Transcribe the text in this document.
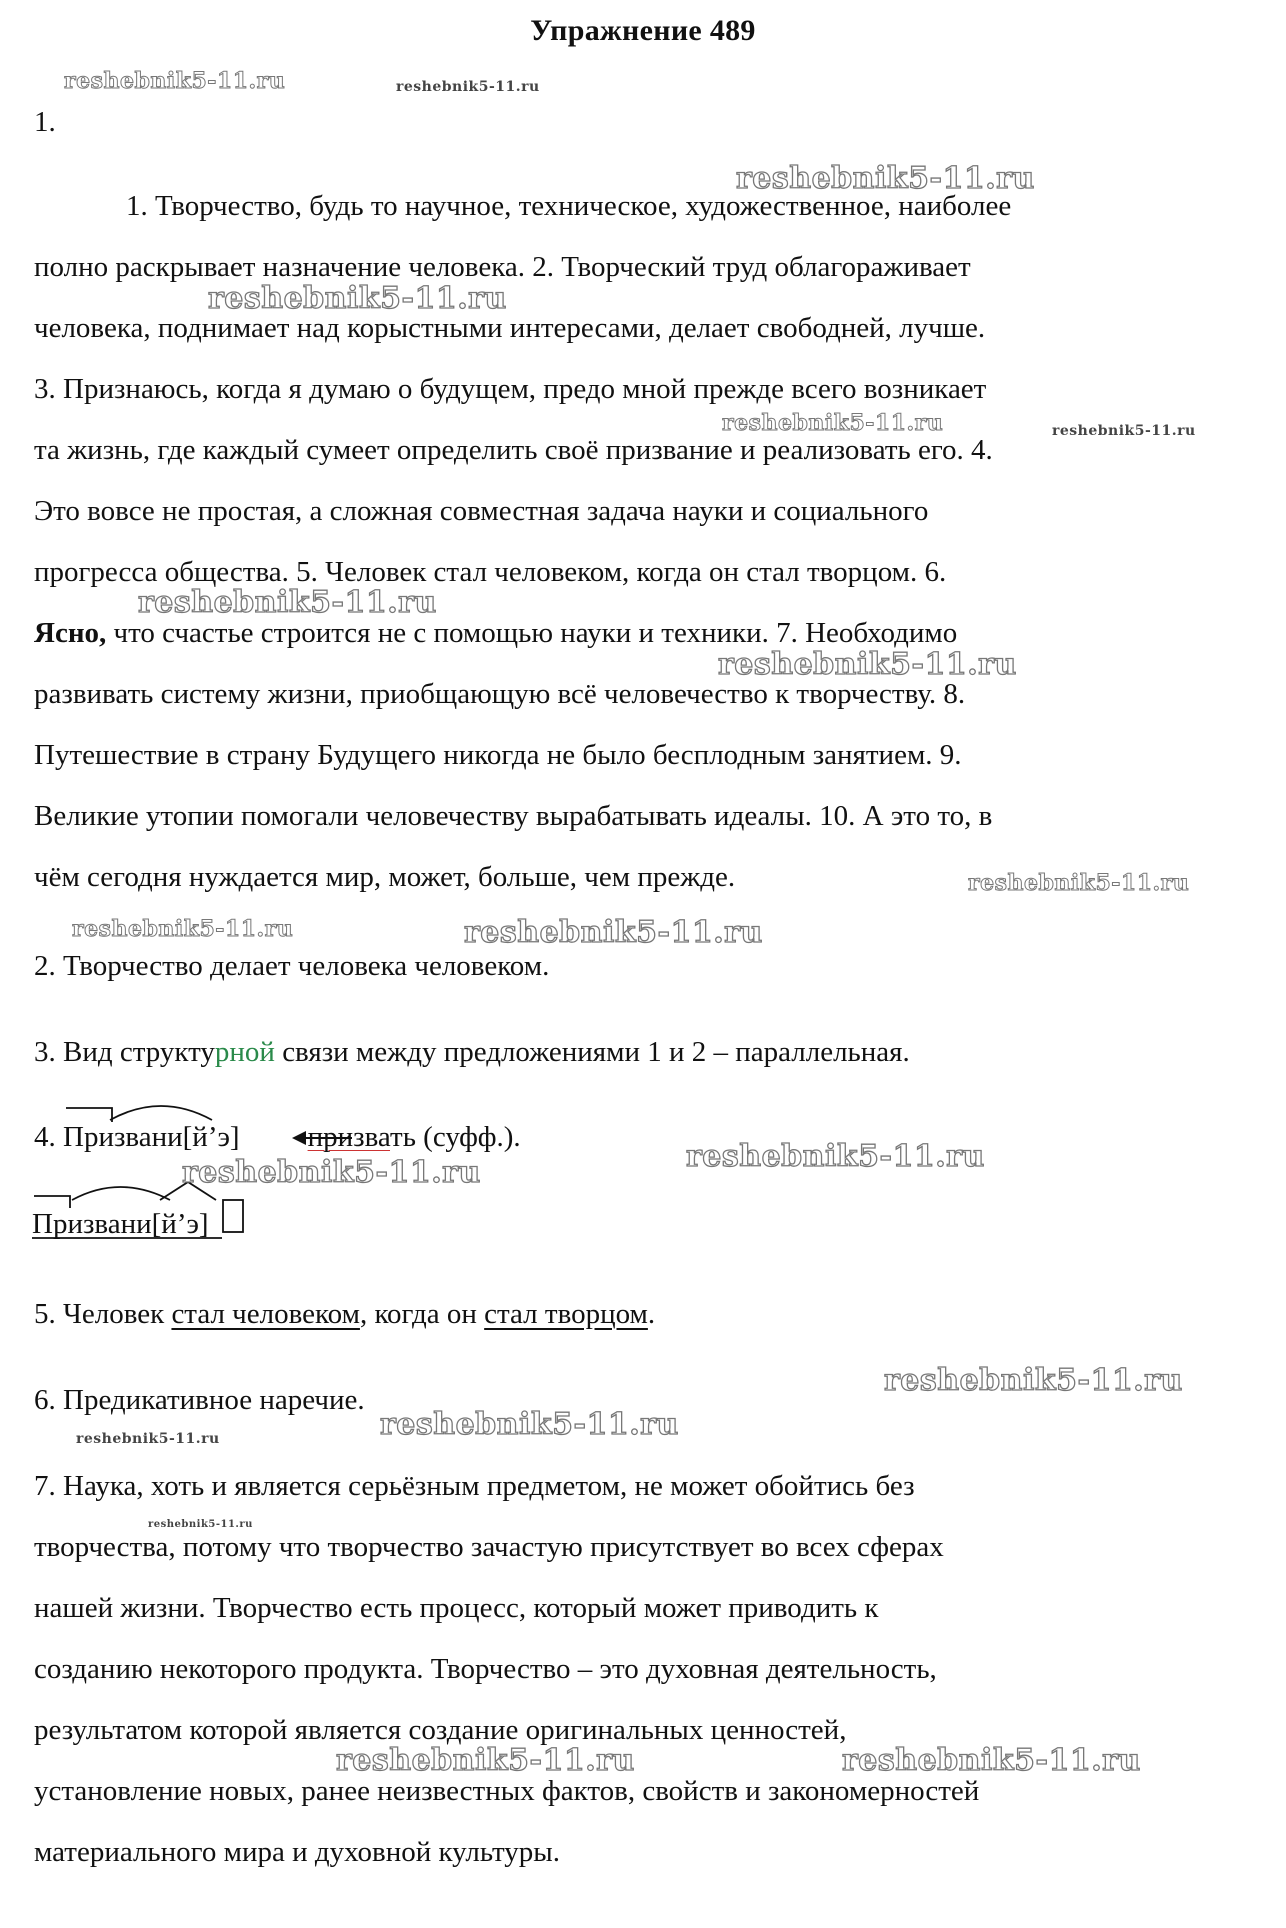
Упражнение 489
1.
1. Творчество, будь то научное, техническое, художественное, наиболее
полно раскрывает назначение человека. 2. Творческий труд облагораживает
человека, поднимает над корыстными интересами, делает свободней, лучше.
3. Признаюсь, когда я думаю о будущем, предо мной прежде всего возникает
та жизнь, где каждый сумеет определить своё призвание и реализовать его. 4.
Это вовсе не простая, а сложная совместная задача науки и социального
прогресса общества. 5. Человек стал человеком, когда он стал творцом. 6.
Ясно, что счастье строится не с помощью науки и техники. 7. Необходимо
развивать систему жизни, приобщающую всё человечество к творчеству. 8.
Путешествие в страну Будущего никогда не было бесплодным занятием. 9.
Великие утопии помогали человечеству вырабатывать идеалы. 10. А это то, в
чём сегодня нуждается мир, может, больше, чем прежде.
2. Творчество делает человека человеком.
3. Вид структурной связи между предложениями 1 и 2 – параллельная.
4. Призвани[й’э] призвать (суфф.).
Призвани[й’э]
5. Человек стал человеком, когда он стал творцом.
6. Предикативное наречие.
7. Наука, хоть и является серьёзным предметом, не может обойтись без
творчества, потому что творчество зачастую присутствует во всех сферах
нашей жизни. Творчество есть процесс, который может приводить к
созданию некоторого продукта. Творчество – это духовная деятельность,
результатом которой является создание оригинальных ценностей,
установление новых, ранее неизвестных фактов, свойств и закономерностей
материального мира и духовной культуры.
reshebnik5-11.ru	reshebnik5-11.ru
reshebnik5-11.ru
reshebnik5-11.ru
reshebnik5-11.ru	reshebnik5-11.ru
reshebnik5-11.ru
reshebnik5-11.ru
reshebnik5-11.ru
reshebnik5-11.ru	reshebnik5-11.ru
reshebnik5-11.ru
reshebnik5-11.ru
reshebnik5-11.ru
reshebnik5-11.ru
reshebnik5-11.ru
reshebnik5-11.ru
reshebnik5-11.ru	reshebnik5-11.ru
